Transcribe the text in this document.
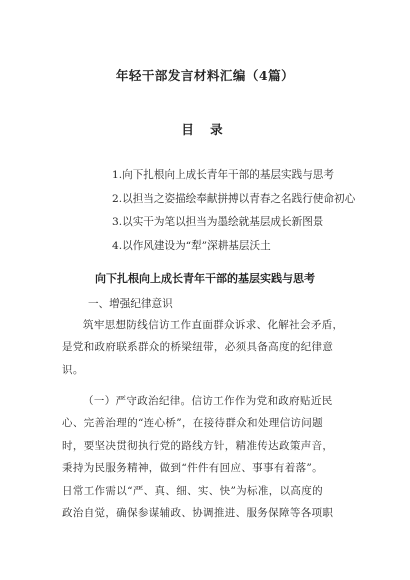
年轻干部发言材料汇编（4篇）
目 录
1.向下扎根向上成长青年干部的基层实践与思考
2.以担当之姿描绘奉献拼搏以青春之名践行使命初心
3.以实干为笔以担当为墨绘就基层成长新图景
4.以作风建设为“犁”深耕基层沃土
向下扎根向上成长青年干部的基层实践与思考
一、增强纪律意识

筑牢思想防线信访工作直面群众诉求、化解社会矛盾，
是党和政府联系群众的桥梁纽带，必须具备高度的纪律意
识。

（一）严守政治纪律。信访工作作为党和政府贴近民
心、完善治理的“连心桥”，在接待群众和处理信访问题
时，要坚决贯彻执行党的路线方针，精准传达政策声音，
秉持为民服务精神，做到“件件有回应、事事有着落”。
日常工作需以“严、真、细、实、快”为标准，以高度的
政治自觉，确保参谋辅政、协调推进、服务保障等各项职
